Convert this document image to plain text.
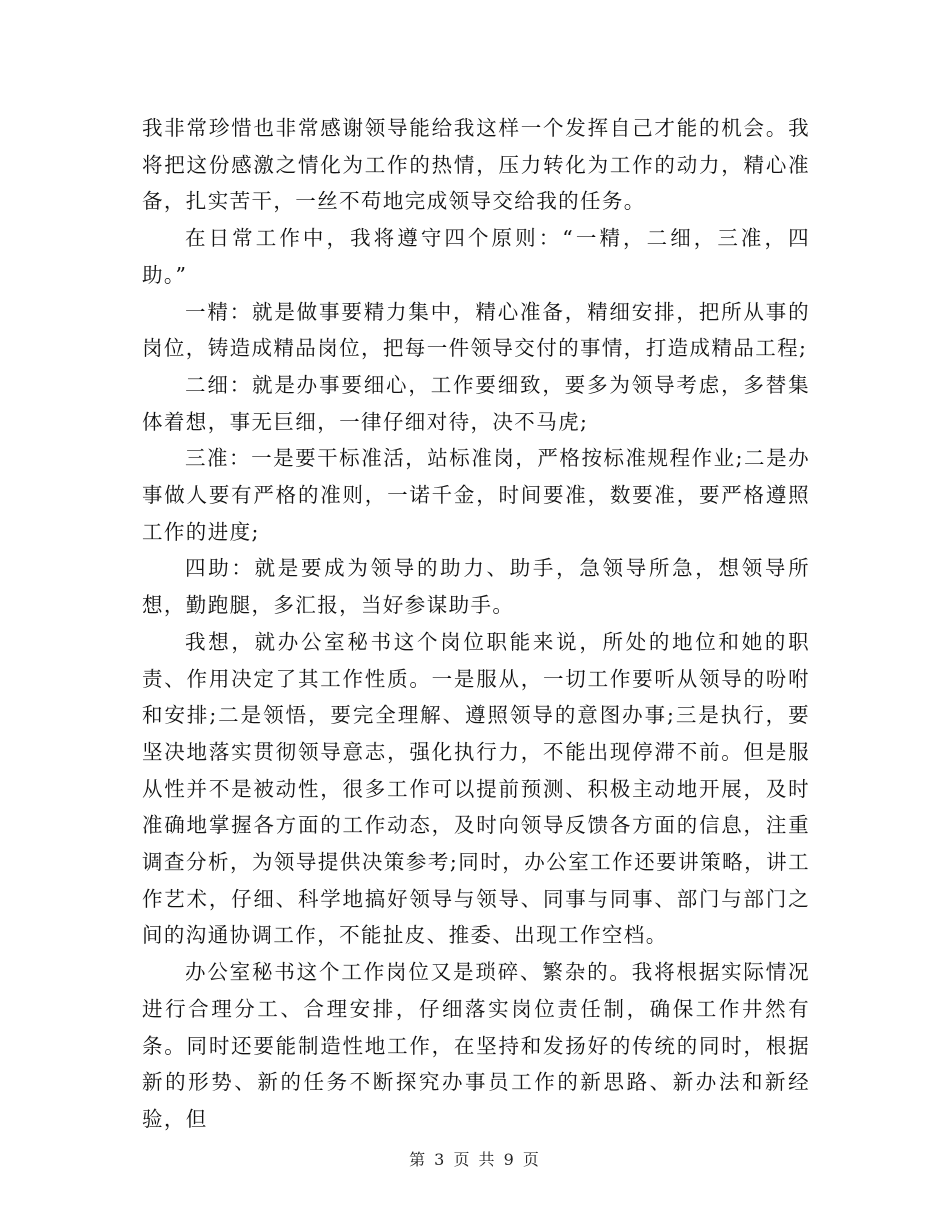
我非常珍惜也非常感谢领导能给我这样一个发挥自己才能的机会。我将把这份感激之情化为工作的热情，压力转化为工作的动力，精心准备，扎实苦干，一丝不苟地完成领导交给我的任务。

在日常工作中，我将遵守四个原则：“一精，二细，三准，四助。”

一精：就是做事要精力集中，精心准备，精细安排，把所从事的岗位，铸造成精品岗位，把每一件领导交付的事情，打造成精品工程;

二细：就是办事要细心，工作要细致，要多为领导考虑，多替集体着想，事无巨细，一律仔细对待，决不马虎;

三准：一是要干标准活，站标准岗，严格按标准规程作业;二是办事做人要有严格的准则，一诺千金，时间要准，数要准，要严格遵照工作的进度;

四助：就是要成为领导的助力、助手，急领导所急，想领导所想，勤跑腿，多汇报，当好参谋助手。

我想，就办公室秘书这个岗位职能来说，所处的地位和她的职责、作用决定了其工作性质。一是服从，一切工作要听从领导的吩咐和安排;二是领悟，要完全理解、遵照领导的意图办事;三是执行，要坚决地落实贯彻领导意志，强化执行力，不能出现停滞不前。但是服从性并不是被动性，很多工作可以提前预测、积极主动地开展，及时准确地掌握各方面的工作动态，及时向领导反馈各方面的信息，注重调查分析，为领导提供决策参考;同时，办公室工作还要讲策略，讲工作艺术，仔细、科学地搞好领导与领导、同事与同事、部门与部门之间的沟通协调工作，不能扯皮、推委、出现工作空档。

办公室秘书这个工作岗位又是琐碎、繁杂的。我将根据实际情况进行合理分工、合理安排，仔细落实岗位责任制，确保工作井然有条。同时还要能制造性地工作，在坚持和发扬好的传统的同时，根据新的形势、新的任务不断探究办事员工作的新思路、新办法和新经验，但

第 3 页 共 9 页
